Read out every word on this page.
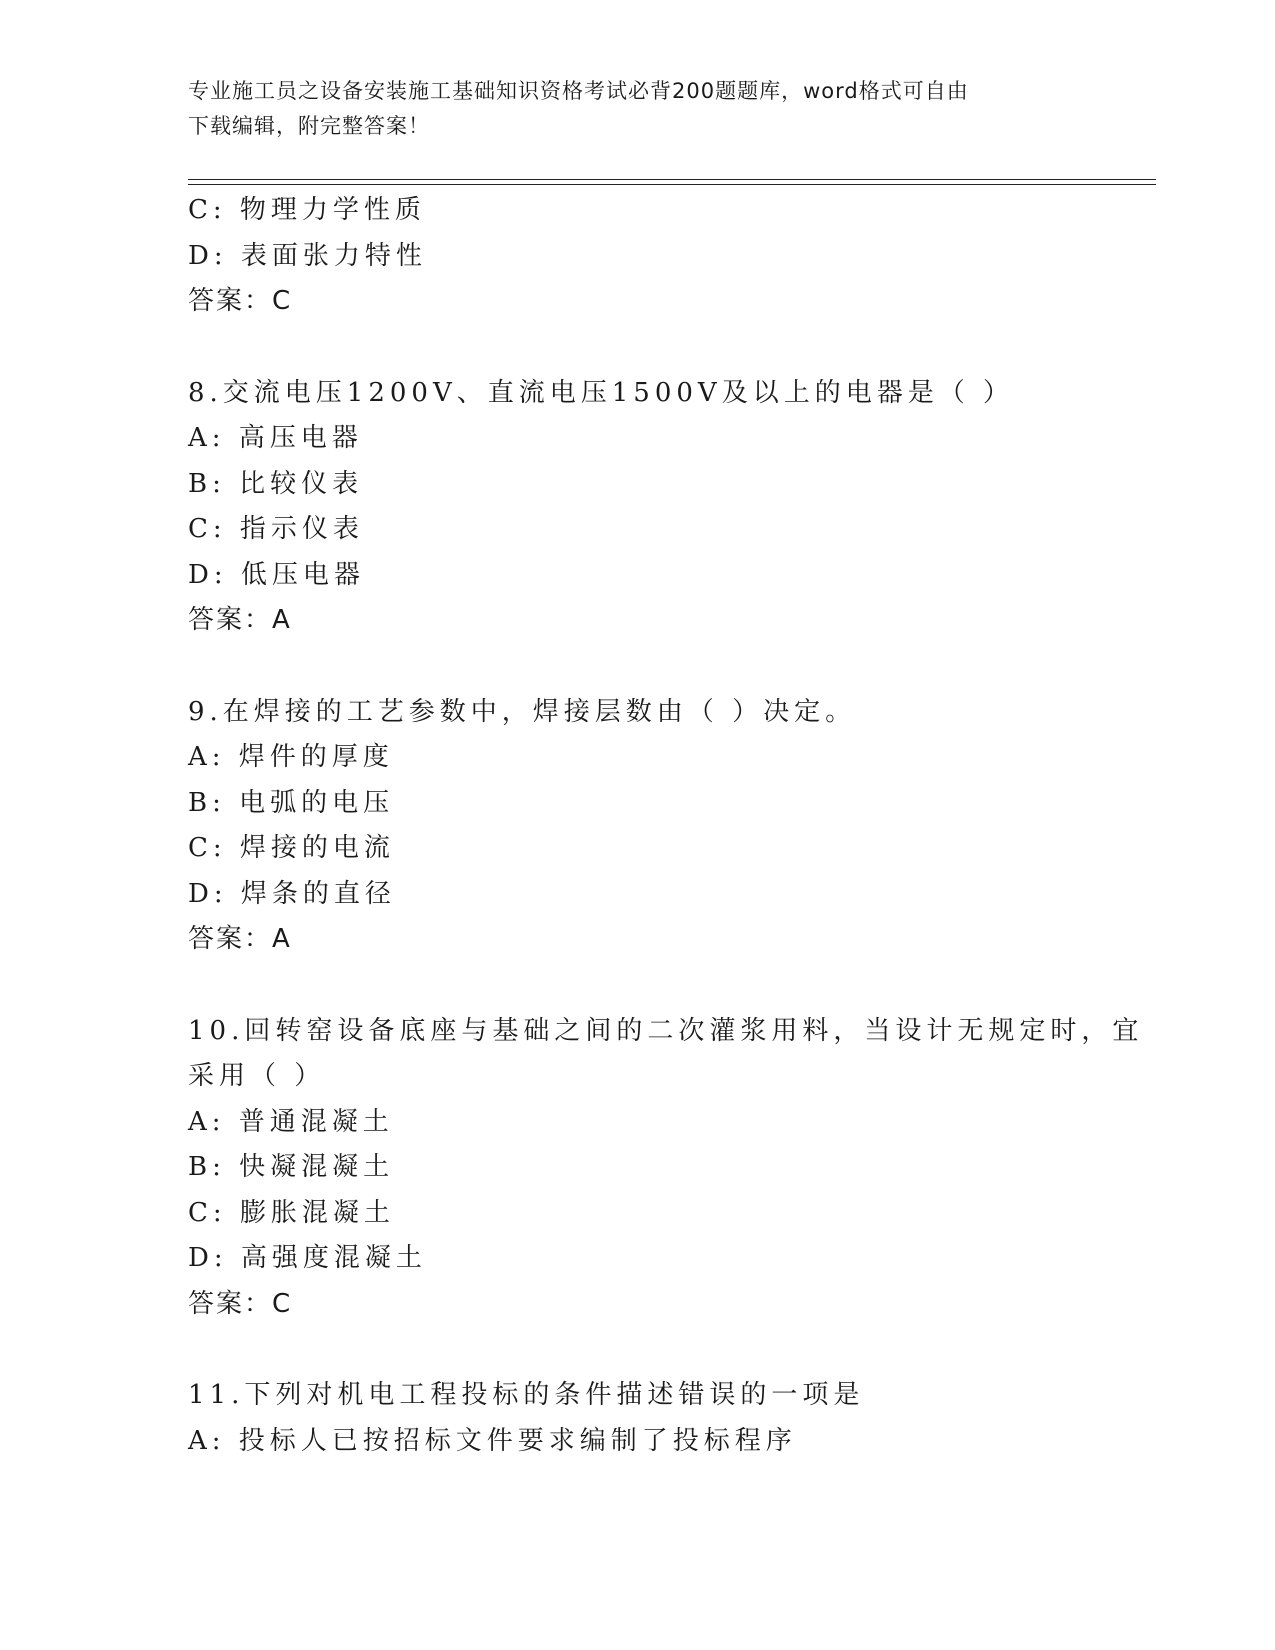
专业施工员之设备安装施工基础知识资格考试必背200题题库，word格式可自由
下载编辑，附完整答案！
C: 物理力学性质
D: 表面张力特性
答案：C
8.交流电压1200V、直流电压1500V及以上的电器是（ ）
A: 高压电器
B: 比较仪表
C: 指示仪表
D: 低压电器
答案：A
9.在焊接的工艺参数中，焊接层数由（ ）决定。
A: 焊件的厚度
B: 电弧的电压
C: 焊接的电流
D: 焊条的直径
答案：A
10.回转窑设备底座与基础之间的二次灌浆用料，当设计无规定时，宜
采用（ ）
A: 普通混凝土
B: 快凝混凝土
C: 膨胀混凝土
D: 高强度混凝土
答案：C
11.下列对机电工程投标的条件描述错误的一项是
A: 投标人已按招标文件要求编制了投标程序
